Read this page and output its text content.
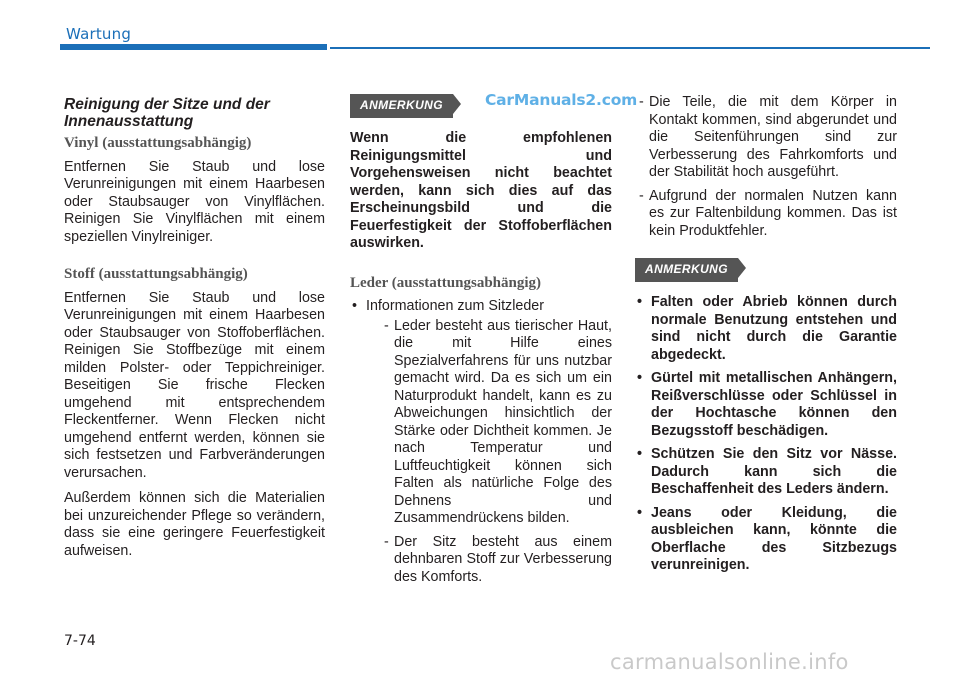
Wartung
Reinigung der Sitze und der Innenausstattung
Vinyl (ausstattungsabhängig)

Entfernen Sie Staub und lose Verunreinigungen mit einem Haarbesen oder Staubsauger von Vinylflächen. Reinigen Sie Vinylflächen mit einem speziellen Vinylreiniger.

Stoff (ausstattungsabhängig)

Entfernen Sie Staub und lose Verunreinigungen mit einem Haarbesen oder Staubsauger von Stoffoberflächen. Reinigen Sie Stoffbezüge mit einem milden Polster- oder Teppichreiniger. Beseitigen Sie frische Flecken umgehend mit entsprechendem Fleckentferner. Wenn Flecken nicht umgehend entfernt werden, können sie sich festsetzen und Farbveränderungen verursachen.

Außerdem können sich die Materialien bei unzureichender Pflege so verändern, dass sie eine geringere Feuerfestigkeit aufweisen.

ANMERKUNG	CarManuals2.com

Wenn die empfohlenen Reinigungsmittel und Vorgehensweisen nicht beachtet werden, kann sich dies auf das Erscheinungsbild und die Feuerfestigkeit der Stoffoberflächen auswirken.

Leder (ausstattungsabhängig)
• Informationen zum Sitzleder
- Leder besteht aus tierischer Haut, die mit Hilfe eines Spezialverfahrens für uns nutzbar gemacht wird. Da es sich um ein Naturprodukt handelt, kann es zu Abweichungen hinsichtlich der Stärke oder Dichtheit kommen. Je nach Temperatur und Luftfeuchtigkeit können sich Falten als natürliche Folge des Dehnens und Zusammendrückens bilden.
- Der Sitz besteht aus einem dehnbaren Stoff zur Verbesserung des Komforts.
- Die Teile, die mit dem Körper in Kontakt kommen, sind abgerundet und die Seitenführungen sind zur Verbesserung des Fahrkomforts und der Stabilität hoch ausgeführt.
- Aufgrund der normalen Nutzen kann es zur Faltenbildung kommen. Das ist kein Produktfehler.
ANMERKUNG
• Falten oder Abrieb können durch normale Benutzung entstehen und sind nicht durch die Garantie abgedeckt.
• Gürtel mit metallischen Anhängern, Reißverschlüsse oder Schlüssel in der Hochtasche können den Bezugsstoff beschädigen.
• Schützen Sie den Sitz vor Nässe. Dadurch kann sich die Beschaffenheit des Leders ändern.
• Jeans oder Kleidung, die ausbleichen kann, könnte die Oberflache des Sitzbezugs verunreinigen.
7-74
carmanualsonline.info
